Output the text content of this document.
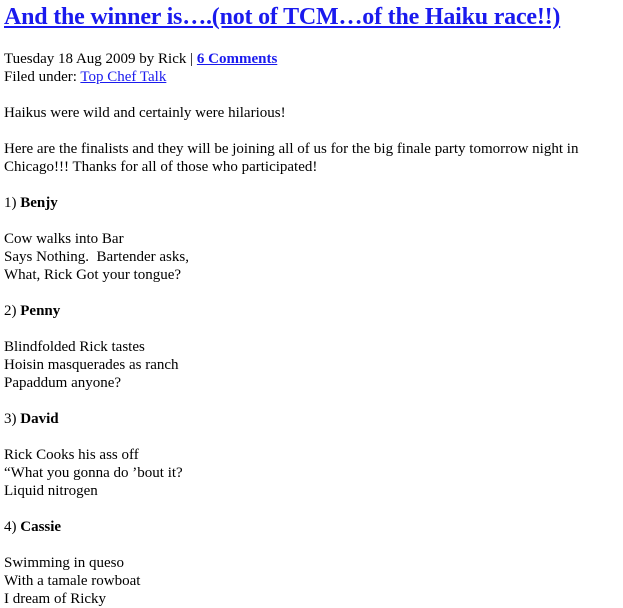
And the winner is….(not of TCM…of the Haiku race!!)
Tuesday 18 Aug 2009 by Rick | 6 Comments
Filed under: Top Chef Talk

Haikus were wild and certainly were hilarious!

Here are the finalists and they will be joining all of us for the big finale party tomorrow night in Chicago!!! Thanks for all of those who participated!

1) Benjy
Cow walks into Bar
Says Nothing.  Bartender asks,
What, Rick Got your tongue?
2) Penny
Blindfolded Rick tastes
Hoisin masquerades as ranch
Papaddum anyone?
3) David
Rick Cooks his ass off
“What you gonna do ’bout it?
Liquid nitrogen
4) Cassie
Swimming in queso
With a tamale rowboat
I dream of Ricky
